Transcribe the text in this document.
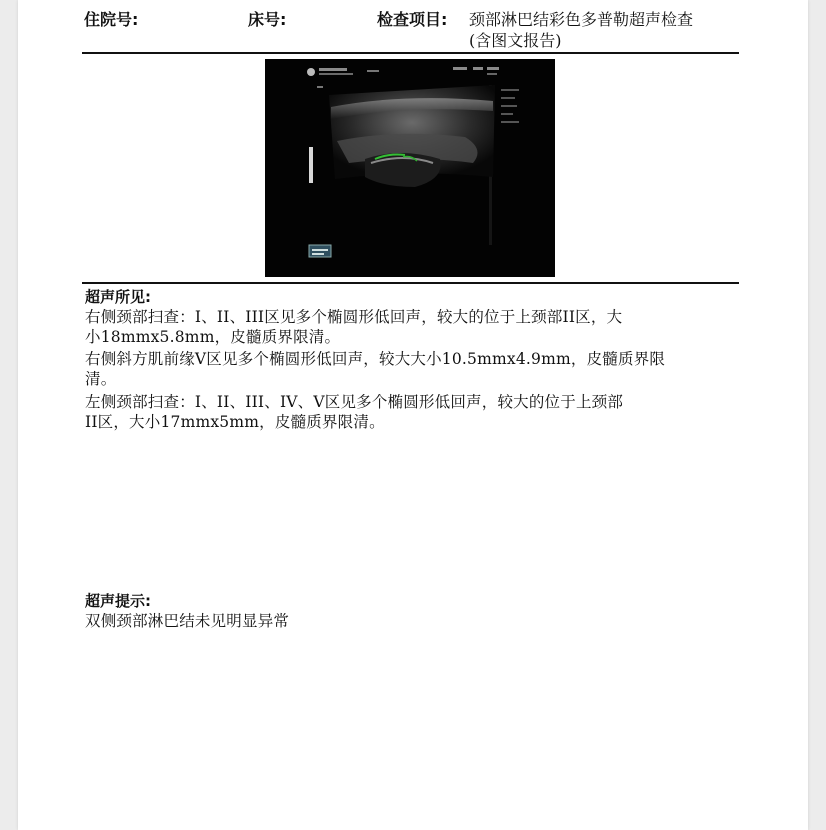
住院号:	床号:	检查项目: 颈部淋巴结彩色多普勒超声检查
(含图文报告)
超声所见:
右侧颈部扫查：I、II、III区见多个椭圆形低回声，较大的位于上颈部II区，大
小18mmx5.8mm，皮髓质界限清。
右侧斜方肌前缘V区见多个椭圆形低回声，较大大小10.5mmx4.9mm，皮髓质界限
清。
左侧颈部扫查：I、II、III、IV、V区见多个椭圆形低回声，较大的位于上颈部
II区，大小17mmx5mm，皮髓质界限清。
超声提示:
双侧颈部淋巴结未见明显异常
